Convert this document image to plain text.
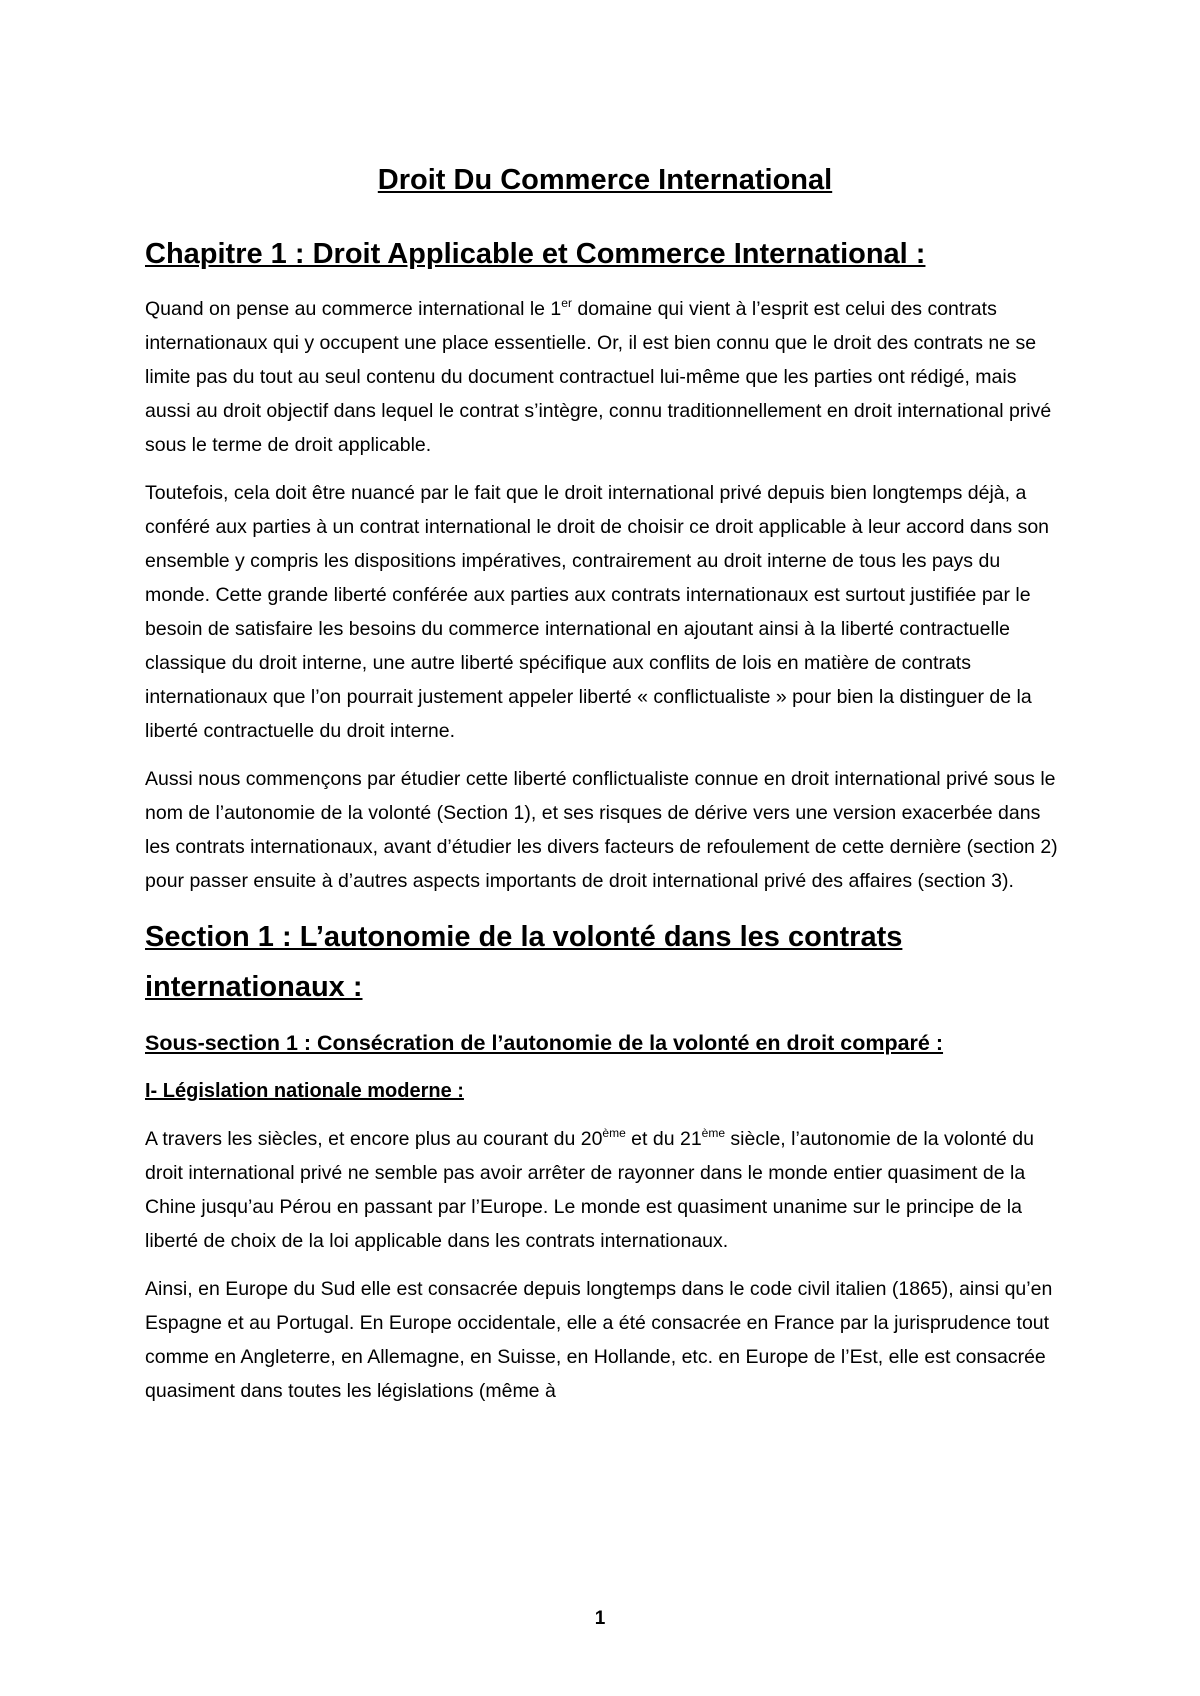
Droit Du Commerce International
Chapitre 1 : Droit Applicable et Commerce International :

Quand on pense au commerce international le 1er domaine qui vient à l’esprit est celui des contrats internationaux qui y occupent une place essentielle. Or, il est bien connu que le droit des contrats ne se limite pas du tout au seul contenu du document contractuel lui-même que les parties ont rédigé, mais aussi au droit objectif dans lequel le contrat s’intègre, connu traditionnellement en droit international privé sous le terme de droit applicable.

Toutefois, cela doit être nuancé par le fait que le droit international privé depuis bien longtemps déjà, a conféré aux parties à un contrat international le droit de choisir ce droit applicable à leur accord dans son ensemble y compris les dispositions impératives, contrairement au droit interne de tous les pays du monde. Cette grande liberté conférée aux parties aux contrats internationaux est surtout justifiée par le besoin de satisfaire les besoins du commerce international en ajoutant ainsi à la liberté contractuelle classique du droit interne, une autre liberté spécifique aux conflits de lois en matière de contrats internationaux que l’on pourrait justement appeler liberté « conflictualiste » pour bien la distinguer de la liberté contractuelle du droit interne.

Aussi nous commençons par étudier cette liberté conflictualiste connue en droit international privé sous le nom de l’autonomie de la volonté (Section 1), et ses risques de dérive vers une version exacerbée dans les contrats internationaux, avant d’étudier les divers facteurs de refoulement de cette dernière (section 2) pour passer ensuite à d’autres aspects importants de droit international privé des affaires (section 3).

Section 1 : L’autonomie de la volonté dans les contrats internationaux :
Sous-section 1 : Consécration de l’autonomie de la volonté en droit comparé :
I- Législation nationale moderne :

A travers les siècles, et encore plus au courant du 20ème et du 21ème siècle, l’autonomie de la volonté du droit international privé ne semble pas avoir arrêter de rayonner dans le monde entier quasiment de la Chine jusqu’au Pérou en passant par l’Europe. Le monde est quasiment unanime sur le principe de la liberté de choix de la loi applicable dans les contrats internationaux.

Ainsi, en Europe du Sud elle est consacrée depuis longtemps dans le code civil italien (1865), ainsi qu’en Espagne et au Portugal. En Europe occidentale, elle a été consacrée en France par la jurisprudence tout comme en Angleterre, en Allemagne, en Suisse, en Hollande, etc. en Europe de l’Est, elle est consacrée quasiment dans toutes les législations (même à

1
